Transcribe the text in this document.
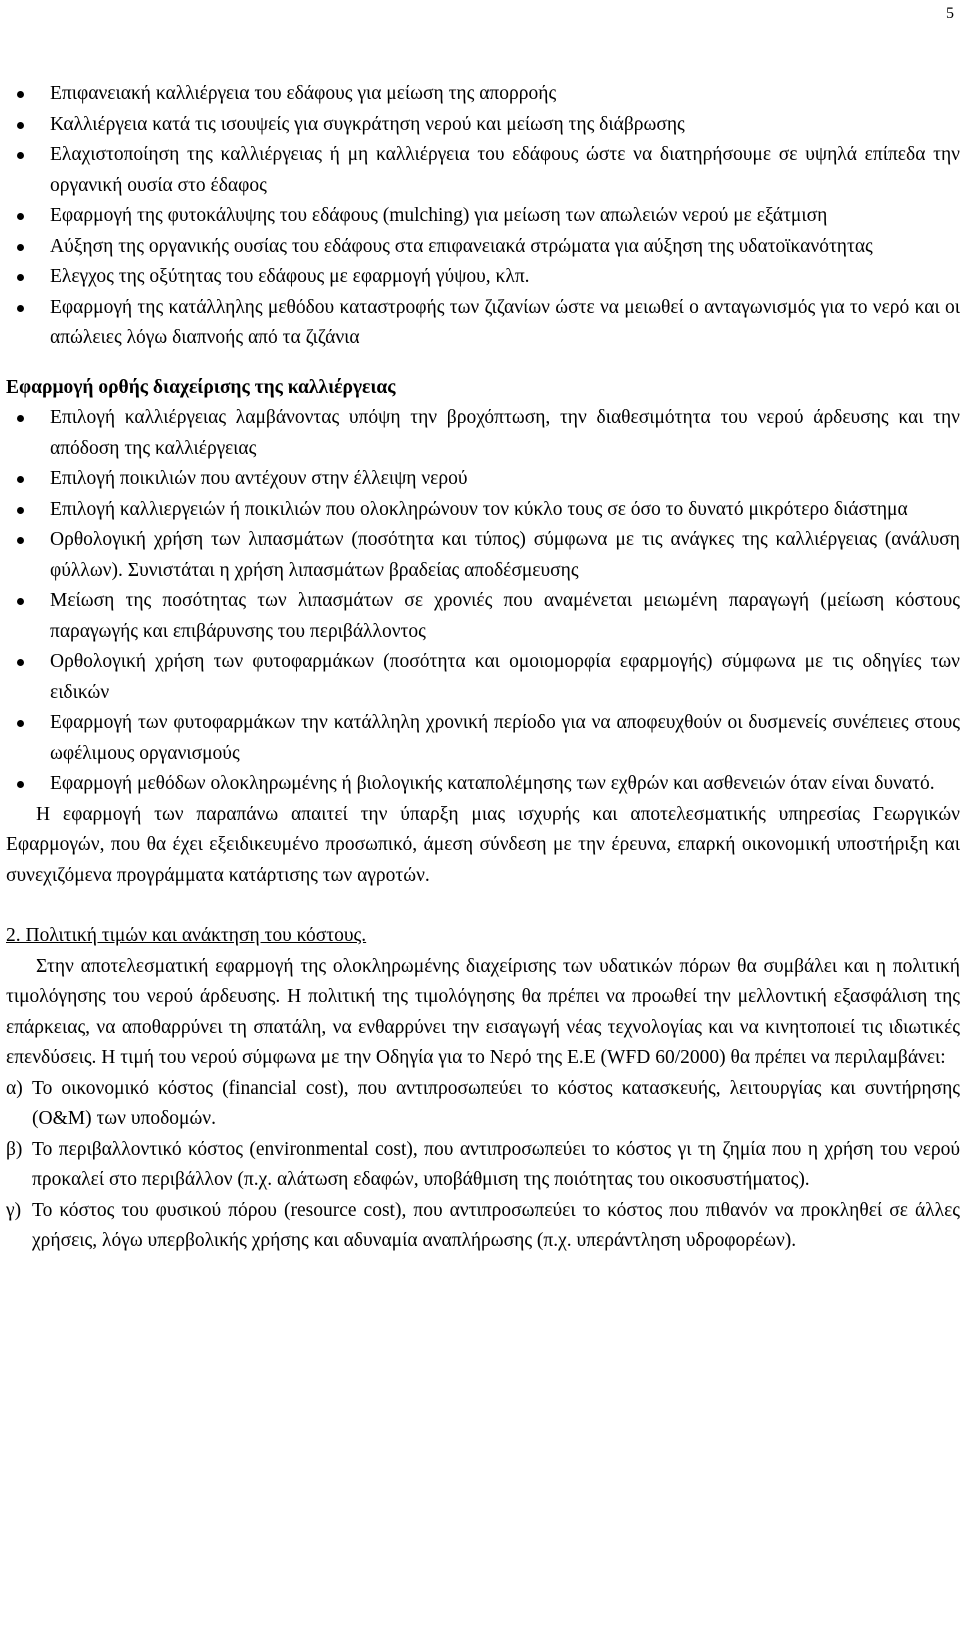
5
Επιφανειακή καλλιέργεια του εδάφους για μείωση της απορροής
Καλλιέργεια κατά τις ισουψείς για συγκράτηση νερού και μείωση της διάβρωσης
Ελαχιστοποίηση της καλλιέργειας ή μη καλλιέργεια του εδάφους ώστε να διατηρήσουμε σε υψηλά επίπεδα την οργανική ουσία στο έδαφος
Εφαρμογή της φυτοκάλυψης του εδάφους (mulching) για μείωση των απωλειών νερού με εξάτμιση
Αύξηση της οργανικής ουσίας του εδάφους στα επιφανειακά στρώματα για αύξηση της υδατοϊκανότητας
Ελεγχος της οξύτητας του εδάφους με εφαρμογή γύψου, κλπ.
Εφαρμογή της κατάλληλης μεθόδου καταστροφής των ζιζανίων ώστε να μειωθεί ο ανταγωνισμός για το νερό και οι απώλειες λόγω διαπνοής από τα ζιζάνια
Εφαρμογή ορθής διαχείρισης της καλλιέργειας
Επιλογή καλλιέργειας λαμβάνοντας υπόψη την βροχόπτωση, την διαθεσιμότητα του νερού άρδευσης και την απόδοση της καλλιέργειας
Επιλογή ποικιλιών που αντέχουν στην έλλειψη νερού
Επιλογή καλλιεργειών ή ποικιλιών που ολοκληρώνουν τον κύκλο τους σε όσο το δυνατό μικρότερο διάστημα
Ορθολογική χρήση των λιπασμάτων (ποσότητα και τύπος) σύμφωνα με τις ανάγκες της καλλιέργειας (ανάλυση φύλλων). Συνιστάται η χρήση λιπασμάτων βραδείας αποδέσμευσης
Μείωση της ποσότητας των λιπασμάτων σε χρονιές που αναμένεται μειωμένη παραγωγή (μείωση κόστους παραγωγής και επιβάρυνσης του περιβάλλοντος
Ορθολογική χρήση των φυτοφαρμάκων (ποσότητα και ομοιομορφία εφαρμογής) σύμφωνα με τις οδηγίες των ειδικών
Εφαρμογή των φυτοφαρμάκων την κατάλληλη χρονική περίοδο για να αποφευχθούν οι δυσμενείς συνέπειες στους ωφέλιμους οργανισμούς
Εφαρμογή μεθόδων ολοκληρωμένης ή βιολογικής καταπολέμησης των εχθρών και ασθενειών όταν είναι δυνατό.

Η εφαρμογή των παραπάνω απαιτεί την ύπαρξη μιας ισχυρής και αποτελεσματικής υπηρεσίας Γεωργικών Εφαρμογών, που θα έχει εξειδικευμένο προσωπικό, άμεση σύνδεση με την έρευνα, επαρκή οικονομική υποστήριξη και συνεχιζόμενα προγράμματα κατάρτισης των αγροτών.

2. Πολιτική τιμών και ανάκτηση του κόστους.

Στην αποτελεσματική εφαρμογή της ολοκληρωμένης διαχείρισης των υδατικών πόρων θα συμβάλει και η πολιτική τιμολόγησης του νερού άρδευσης. Η πολιτική της τιμολόγησης θα πρέπει να προωθεί την μελλοντική εξασφάλιση της επάρκειας, να αποθαρρύνει τη σπατάλη, να ενθαρρύνει την εισαγωγή νέας τεχνολογίας και να κινητοποιεί τις ιδιωτικές επενδύσεις. Η τιμή του νερού σύμφωνα με την Οδηγία για το Νερό της Ε.Ε (WFD 60/2000) θα πρέπει να περιλαμβάνει:

α) Το οικονομικό κόστος (financial cost), που αντιπροσωπεύει το κόστος κατασκευής, λειτουργίας και συντήρησης (O&M) των υποδομών.
β) Το περιβαλλοντικό κόστος (environmental cost), που αντιπροσωπεύει το κόστος γι τη ζημία που η χρήση του νερού προκαλεί στο περιβάλλον (π.χ. αλάτωση εδαφών, υποβάθμιση της ποιότητας του οικοσυστήματος).
γ) Το κόστος του φυσικού πόρου (resource cost), που αντιπροσωπεύει το κόστος που πιθανόν να προκληθεί σε άλλες χρήσεις, λόγω υπερβολικής χρήσης και αδυναμία αναπλήρωσης (π.χ. υπεράντληση υδροφορέων).
